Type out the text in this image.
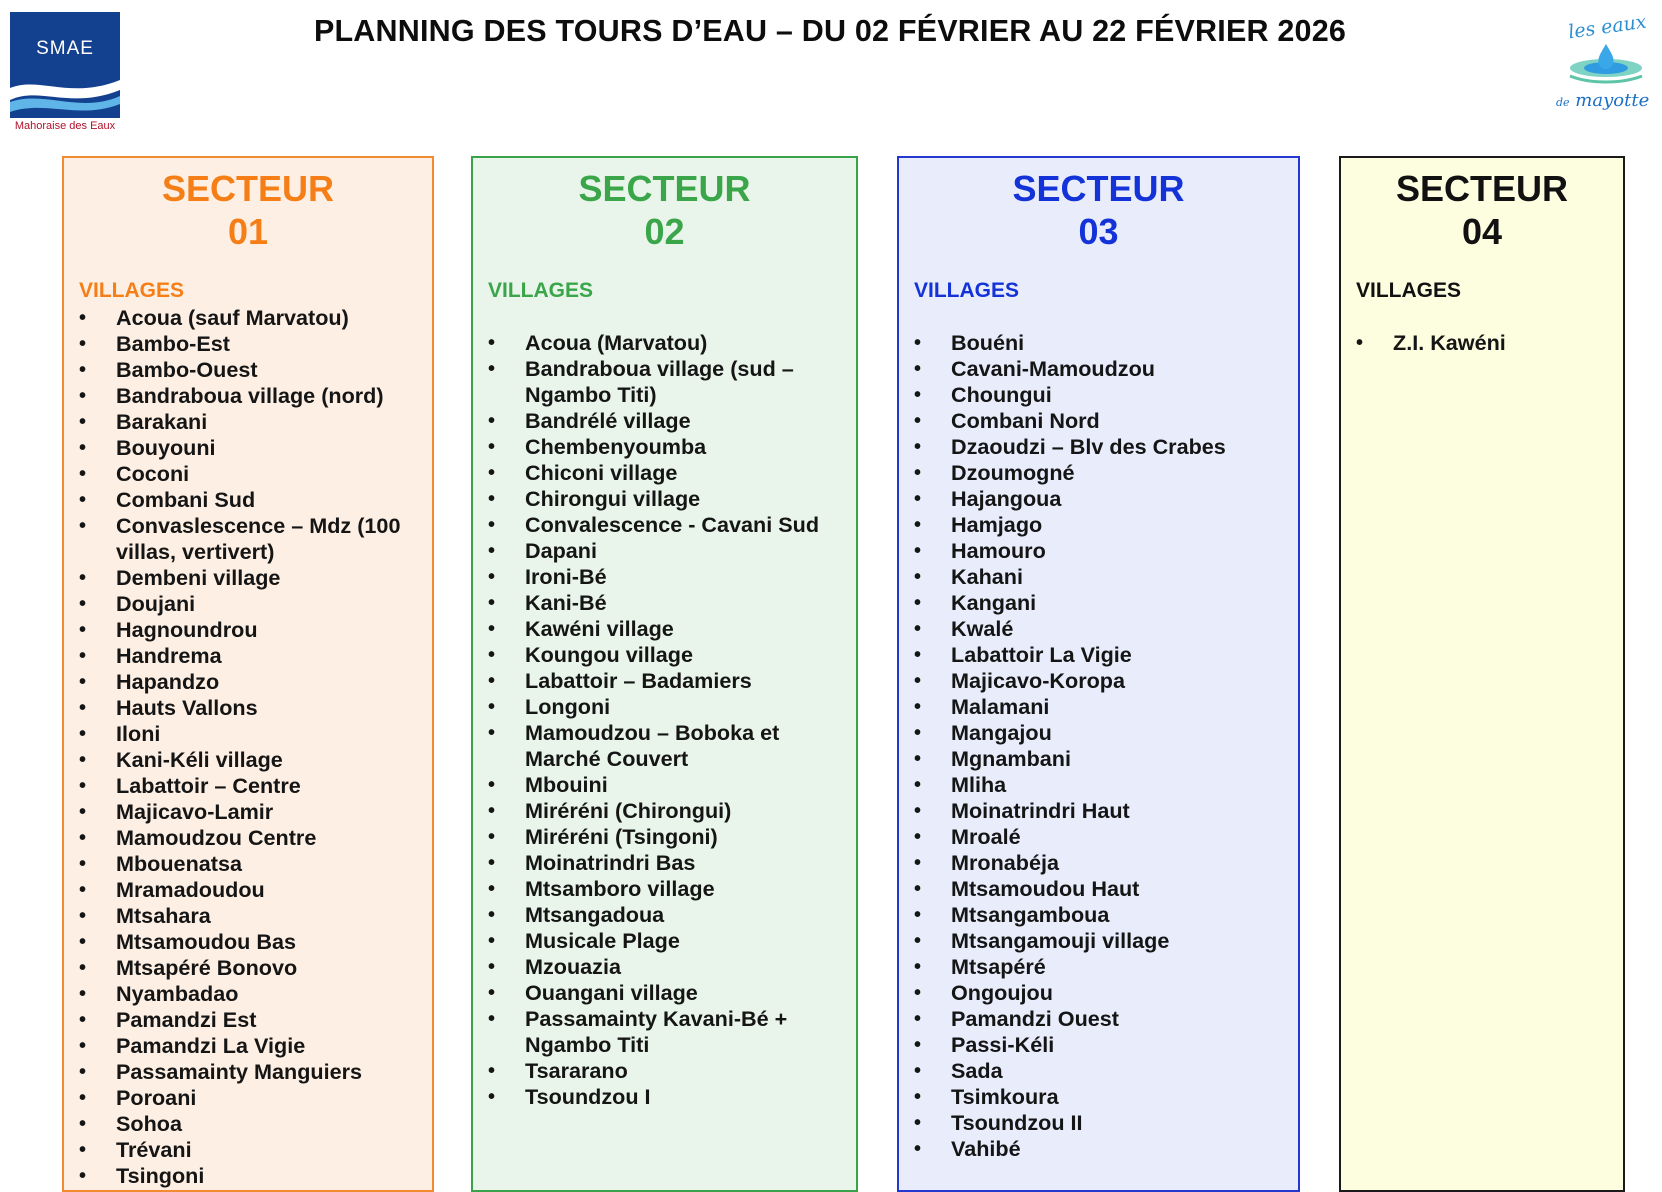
SMAE
Mahoraise des Eaux
PLANNING DES TOURS D’EAU – DU 02 FÉVRIER AU 22 FÉVRIER 2026	les eaux
de mayotte
SECTEUR
01
VILLAGES
• Acoua (sauf Marvatou)
• Bambo-Est
• Bambo-Ouest
• Bandraboua village (nord)
• Barakani
• Bouyouni
• Coconi
• Combani Sud
• Convaslescence – Mdz (100 villas, vertivert)
• Dembeni village
• Doujani
• Hagnoundrou
• Handrema
• Hapandzo
• Hauts Vallons
• Iloni
• Kani-Kéli village
• Labattoir – Centre
• Majicavo-Lamir
• Mamoudzou Centre
• Mbouenatsa
• Mramadoudou
• Mtsahara
• Mtsamoudou Bas
• Mtsapéré Bonovo
• Nyambadao
• Pamandzi Est
• Pamandzi La Vigie
• Passamainty Manguiers
• Poroani
• Sohoa
• Trévani
• Tsingoni
SECTEUR
02
VILLAGES
• Acoua (Marvatou)
• Bandraboua village (sud – Ngambo Titi)
• Bandrélé village
• Chembenyoumba
• Chiconi village
• Chirongui village
• Convalescence - Cavani Sud
• Dapani
• Ironi-Bé
• Kani-Bé
• Kawéni village
• Koungou village
• Labattoir – Badamiers
• Longoni
• Mamoudzou – Boboka et Marché Couvert
• Mbouini
• Miréréni (Chirongui)
• Miréréni (Tsingoni)
• Moinatrindri Bas
• Mtsamboro village
• Mtsangadoua
• Musicale Plage
• Mzouazia
• Ouangani village
• Passamainty Kavani-Bé + Ngambo Titi
• Tsararano
• Tsoundzou I
SECTEUR
03
VILLAGES
• Bouéni
• Cavani-Mamoudzou
• Choungui
• Combani Nord
• Dzaoudzi – Blv des Crabes
• Dzoumogné
• Hajangoua
• Hamjago
• Hamouro
• Kahani
• Kangani
• Kwalé
• Labattoir La Vigie
• Majicavo-Koropa
• Malamani
• Mangajou
• Mgnambani
• Mliha
• Moinatrindri Haut
• Mroalé
• Mronabéja
• Mtsamoudou Haut
• Mtsangamboua
• Mtsangamouji village
• Mtsapéré
• Ongoujou
• Pamandzi Ouest
• Passi-Kéli
• Sada
• Tsimkoura
• Tsoundzou II
• Vahibé
SECTEUR
04
VILLAGES
• Z.I. Kawéni
